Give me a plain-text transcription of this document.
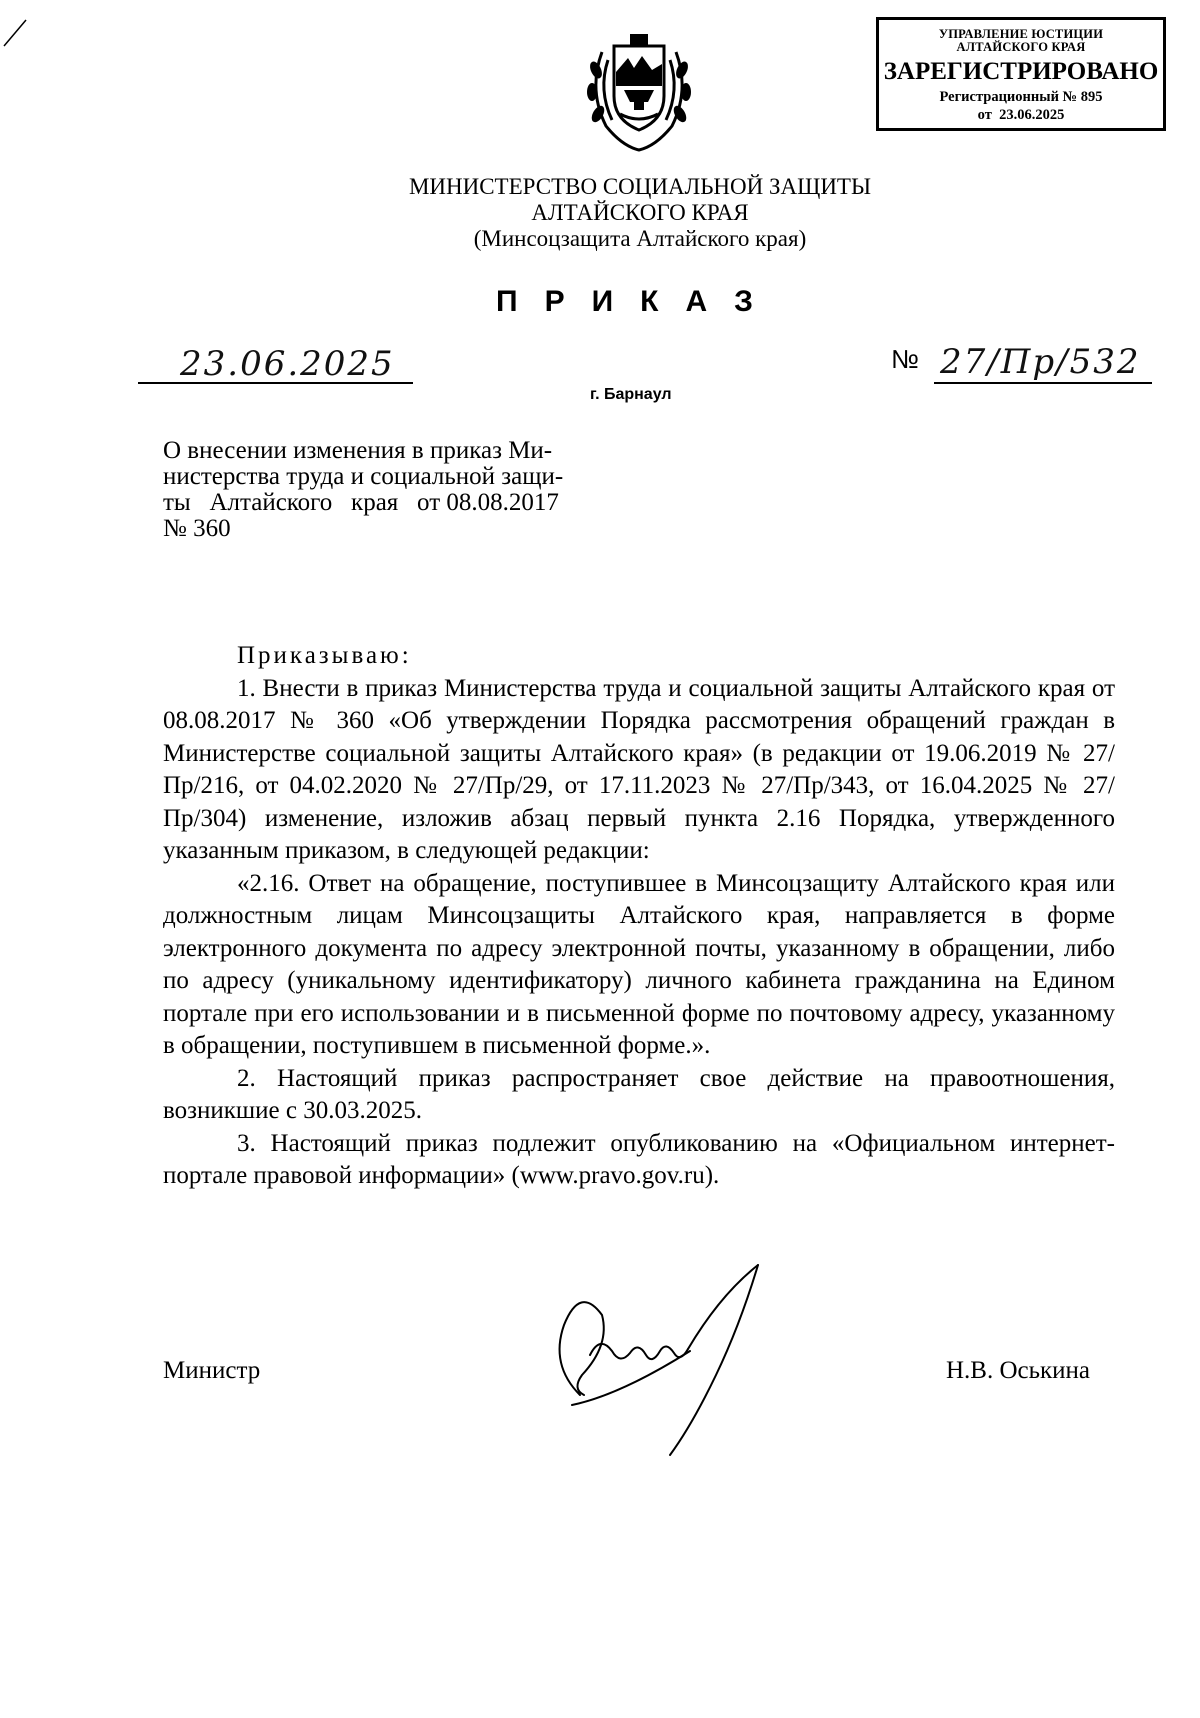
УПРАВЛЕНИЕ ЮСТИЦИИ
АЛТАЙСКОГО КРАЯ
ЗАРЕГИСТРИРОВАНО
Регистрационный № 895
от  23.06.2025
МИНИСТЕРСТВО СОЦИАЛЬНОЙ ЗАЩИТЫ
АЛТАЙСКОГО КРАЯ
(Минсоцзащита Алтайского края)
ПРИКАЗ
23.06.2025	№ 27/Пр/532
г. Барнаул
О внесении изменения в приказ Ми-
нистерства труда и социальной защи-
ты   Алтайского   края   от 08.08.2017
№ 360
Приказываю:

1. Внести в приказ Министерства труда и социальной защиты Алтайского края от 08.08.2017 № 360 «Об утверждении Порядка рассмотрения обращений граждан в Министерстве социальной защиты Алтайского края» (в редакции от 19.06.2019 № 27/Пр/216, от 04.02.2020 № 27/Пр/29, от 17.11.2023 № 27/Пр/343, от 16.04.2025 № 27/Пр/304) изменение, изложив абзац первый пункта 2.16 Порядка, утвержденного указанным приказом, в следующей редакции:

«2.16. Ответ на обращение, поступившее в Минсоцзащиту Алтайского края или должностным лицам Минсоцзащиты Алтайского края, направляется в форме электронного документа по адресу электронной почты, указанному в обращении, либо по адресу (уникальному идентификатору) личного кабинета гражданина на Едином портале при его использовании и в письменной форме по почтовому адресу, указанному в обращении, поступившем в письменной форме.».

2. Настоящий приказ распространяет свое действие на правоотношения, возникшие с 30.03.2025.

3. Настоящий приказ подлежит опубликованию на «Официальном интернет-портале правовой информации» (www.pravo.gov.ru).

Министр	Н.В. Оськина
